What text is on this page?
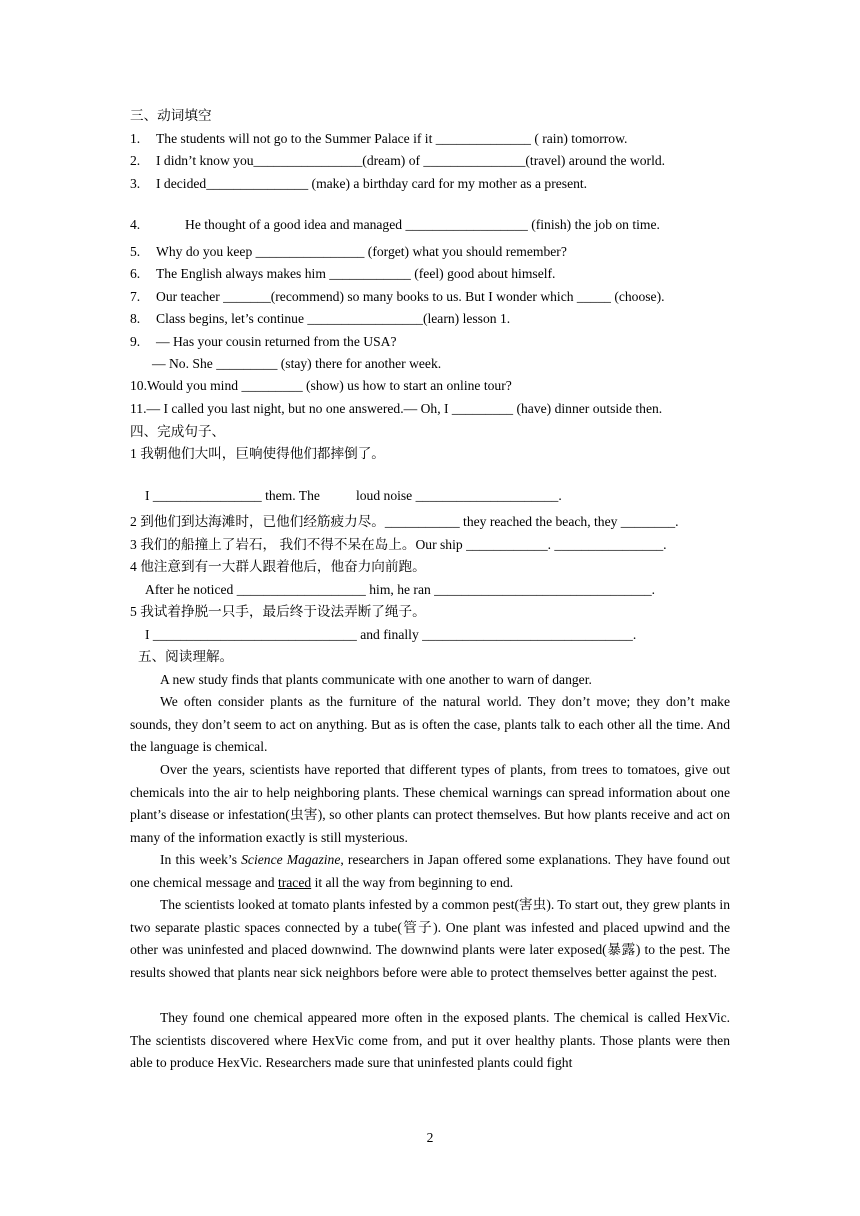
三、动词填空
1. The students will not go to the Summer Palace if it ______________ ( rain) tomorrow.
2. I didn’t know you________________(dream) of _______________(travel) around the world.
3. I decided_______________ (make) a birthday card for my mother as a present.
4.	He thought of a good idea and managed __________________ (finish) the job on time.
5. Why do you keep ________________ (forget) what you should remember?
6. The English always makes him ____________ (feel) good about himself.
7. Our teacher _______(recommend) so many books to us. But I wonder which _____ (choose).
8. Class begins, let’s continue _________________(learn) lesson 1.
9. — Has your cousin returned from the USA?
— No. She _________ (stay) there for another week.
10.Would you mind _________ (show) us how to start an online tour?
11.— I called you last night, but no one answered.— Oh, I _________ (have) dinner outside then.
四、完成句子、
1 我朝他们大叫，巨响使得他们都摔倒了。
I ________________ them. The	loud noise _____________________.
2 到他们到达海滩时，已他们经筋疲力尽。___________ they reached the beach, they ________.
3 我们的船撞上了岩石， 我们不得不呆在岛上。Our ship ____________. ________________.
4 他注意到有一大群人跟着他后，他奋力向前跑。
After he noticed ___________________ him, he ran ________________________________.
5 我试着挣脱一只手，最后终于设法弄断了绳子。
I ______________________________ and finally _______________________________.
五、阅读理解。

A new study finds that plants communicate with one another to warn of danger.

We often consider plants as the furniture of the natural world. They don’t move; they don’t make sounds, they don’t seem to act on anything. But as is often the case, plants talk to each other all the time. And the language is chemical.

Over the years, scientists have reported that different types of plants, from trees to tomatoes, give out chemicals into the air to help neighboring plants. These chemical warnings can spread information about one plant’s disease or infestation(虫害), so other plants can protect themselves. But how plants receive and act on many of the information exactly is still mysterious.

In this week’s Science Magazine, researchers in Japan offered some explanations. They have found out one chemical message and traced it all the way from beginning to end.

The scientists looked at tomato plants infested by a common pest(害虫). To start out, they grew plants in two separate plastic spaces connected by a tube(管子). One plant was infested and placed upwind and the other was uninfested and placed downwind. The downwind plants were later exposed(暴露) to the pest. The results showed that plants near sick neighbors before were able to protect themselves better against the pest.

They found one chemical appeared more often in the exposed plants. The chemical is called HexVic. The scientists discovered where HexVic come from, and put it over healthy plants. Those plants were then able to produce HexVic. Researchers made sure that uninfested plants could fight

2
